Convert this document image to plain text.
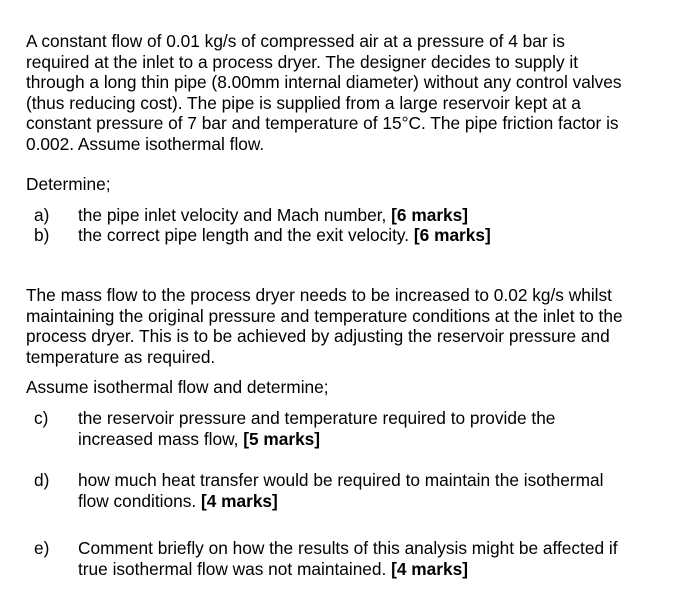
A constant flow of 0.01 kg/s of compressed air at a pressure of 4 bar is
required at the inlet to a process dryer. The designer decides to supply it
through a long thin pipe (8.00mm internal diameter) without any control valves
(thus reducing cost). The pipe is supplied from a large reservoir kept at a
constant pressure of 7 bar and temperature of 15°C. The pipe friction factor is
0.002. Assume isothermal flow.
Determine;
a) the pipe inlet velocity and Mach number, [6 marks]
b) the correct pipe length and the exit velocity. [6 marks]
The mass flow to the process dryer needs to be increased to 0.02 kg/s whilst
maintaining the original pressure and temperature conditions at the inlet to the
process dryer. This is to be achieved by adjusting the reservoir pressure and
temperature as required.
Assume isothermal flow and determine;
c) the reservoir pressure and temperature required to provide the
increased mass flow, [5 marks]
d) how much heat transfer would be required to maintain the isothermal
flow conditions. [4 marks]
e) Comment briefly on how the results of this analysis might be affected if
true isothermal flow was not maintained. [4 marks]
